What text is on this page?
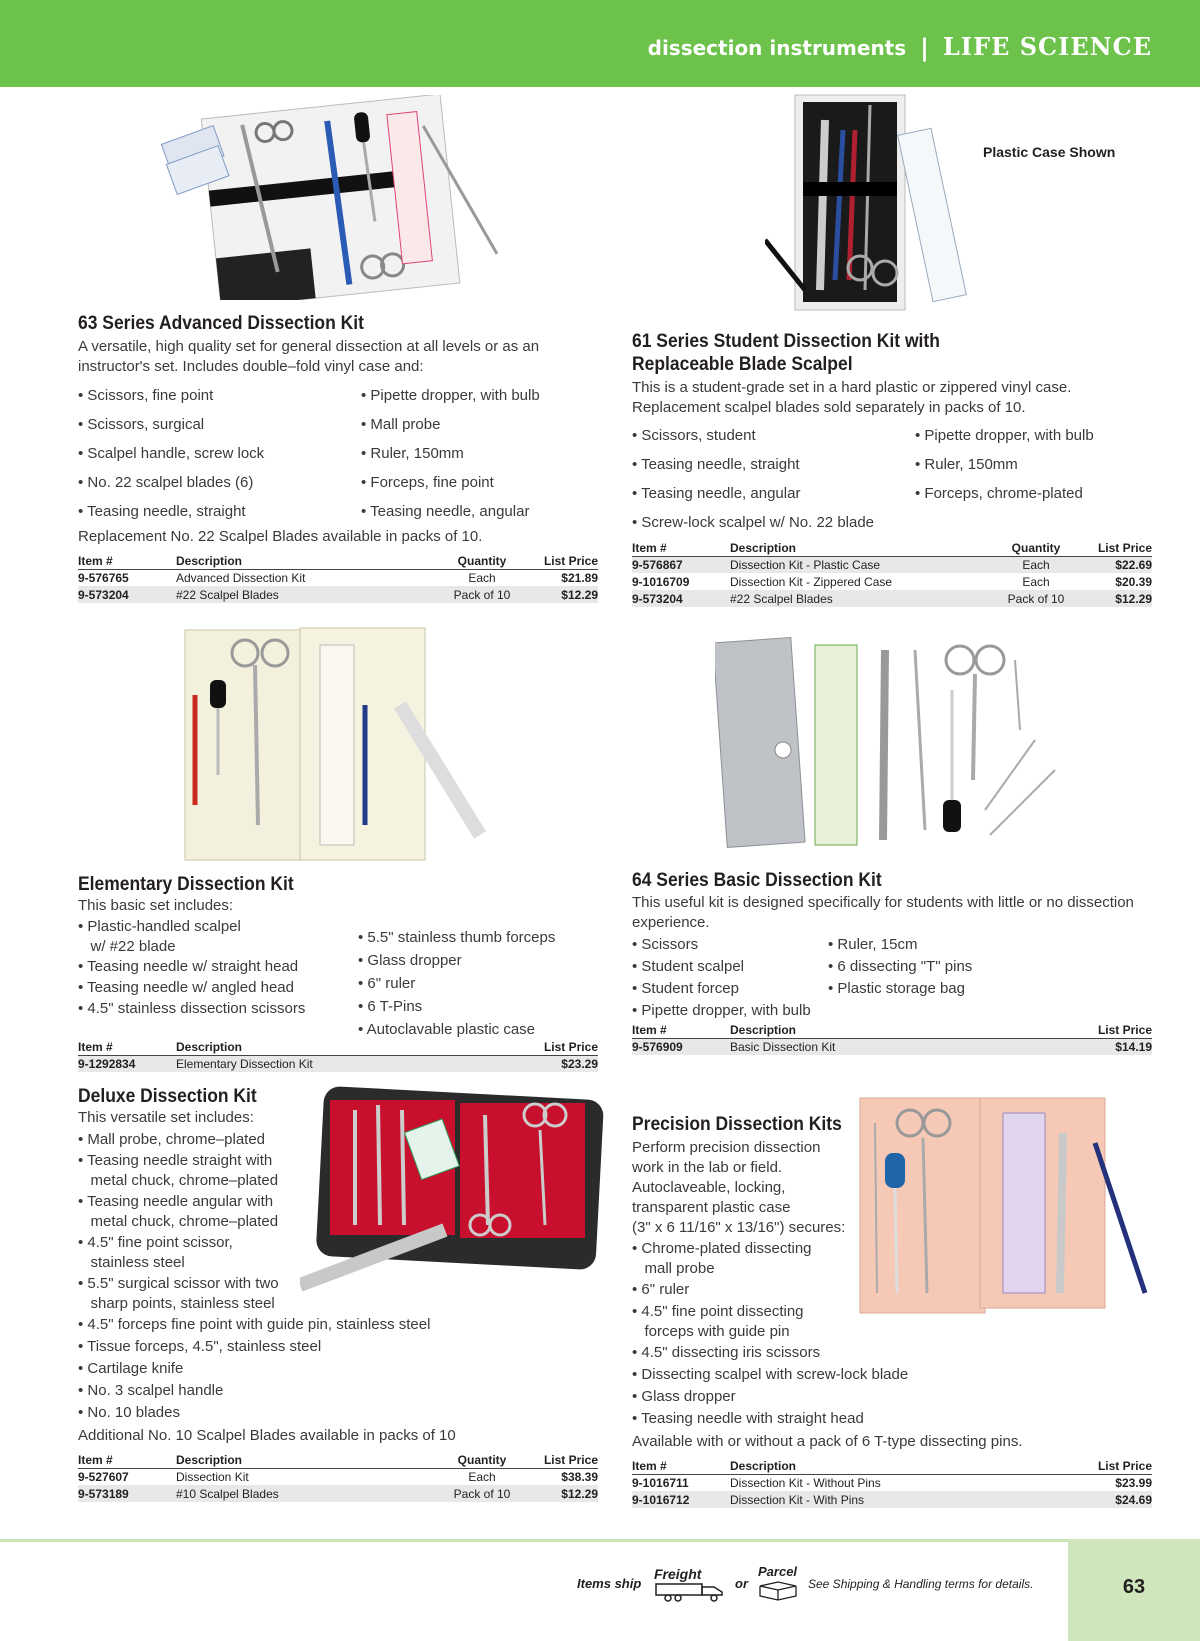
dissection instruments | LIFE SCIENCE
63 Series Advanced Dissection Kit
A versatile, high quality set for general dissection at all levels or as an instructor's set. Includes double–fold vinyl case and:
• Scissors, fine point	• Pipette dropper, with bulb
• Scissors, surgical	• Mall probe
• Scalpel handle, screw lock	• Ruler, 150mm
• No. 22 scalpel blades (6)	• Forceps, fine point
• Teasing needle, straight	• Teasing needle, angular
Replacement No. 22 Scalpel Blades available in packs of 10.
Item #	Description	Quantity	List Price
9-576765	Advanced Dissection Kit	Each	$21.89
9-573204	#22 Scalpel Blades	Pack of 10	$12.29
Plastic Case Shown
61 Series Student Dissection Kit with
Replaceable Blade Scalpel
This is a student-grade set in a hard plastic or zippered vinyl case. Replacement scalpel blades sold separately in packs of 10.
• Scissors, student	• Pipette dropper, with bulb
• Teasing needle, straight	• Ruler, 150mm
• Teasing needle, angular	• Forceps, chrome-plated
• Screw-lock scalpel w/ No. 22 blade
Item #	Description	Quantity	List Price
9-576867	Dissection Kit - Plastic Case	Each	$22.69
9-1016709	Dissection Kit - Zippered Case	Each	$20.39
9-573204	#22 Scalpel Blades	Pack of 10	$12.29
Elementary Dissection Kit
This basic set includes:
• Plastic-handled scalpel
w/ #22 blade
• Teasing needle w/ straight head
• Teasing needle w/ angled head
• 4.5" stainless dissection scissors
• 5.5" stainless thumb forceps
• Glass dropper
• 6" ruler
• 6 T-Pins
• Autoclavable plastic case
Item #	Description		List Price
9-1292834	Elementary Dissection Kit		$23.29
64 Series Basic Dissection Kit
This useful kit is designed specifically for students with little or no dissection experience.
• Scissors
• Student scalpel
• Student forcep
• Pipette dropper, with bulb
• Ruler, 15cm
• 6 dissecting "T" pins
• Plastic storage bag
Item #	Description		List Price
9-576909	Basic Dissection Kit		$14.19
Deluxe Dissection Kit
This versatile set includes:
• Mall probe, chrome–plated
• Teasing needle straight with
metal chuck, chrome–plated
• Teasing needle angular with
metal chuck, chrome–plated
• 4.5" fine point scissor,
stainless steel
• 5.5" surgical scissor with two
sharp points, stainless steel
• 4.5" forceps fine point with guide pin, stainless steel
• Tissue forceps, 4.5", stainless steel
• Cartilage knife
• No. 3 scalpel handle
• No. 10 blades
Additional No. 10 Scalpel Blades available in packs of 10
Item #	Description	Quantity	List Price
9-527607	Dissection Kit	Each	$38.39
9-573189	#10 Scalpel Blades	Pack of 10	$12.29
Precision Dissection Kits
Perform precision dissection
work in the lab or field.
Autoclaveable, locking,
transparent plastic case
(3" x 6 11/16" x 13/16") secures:
• Chrome-plated dissecting
mall probe
• 6" ruler
• 4.5" fine point dissecting
forceps with guide pin
• 4.5" dissecting iris scissors
• Dissecting scalpel with screw-lock blade
• Glass dropper
• Teasing needle with straight head
Available with or without a pack of 6 T-type dissecting pins.
Item #	Description		List Price
9-1016711	Dissection Kit - Without Pins		$23.99
9-1016712	Dissection Kit - With Pins		$24.69
63
Items ship
Freight
or
Parcel
See Shipping & Handling terms for details.
